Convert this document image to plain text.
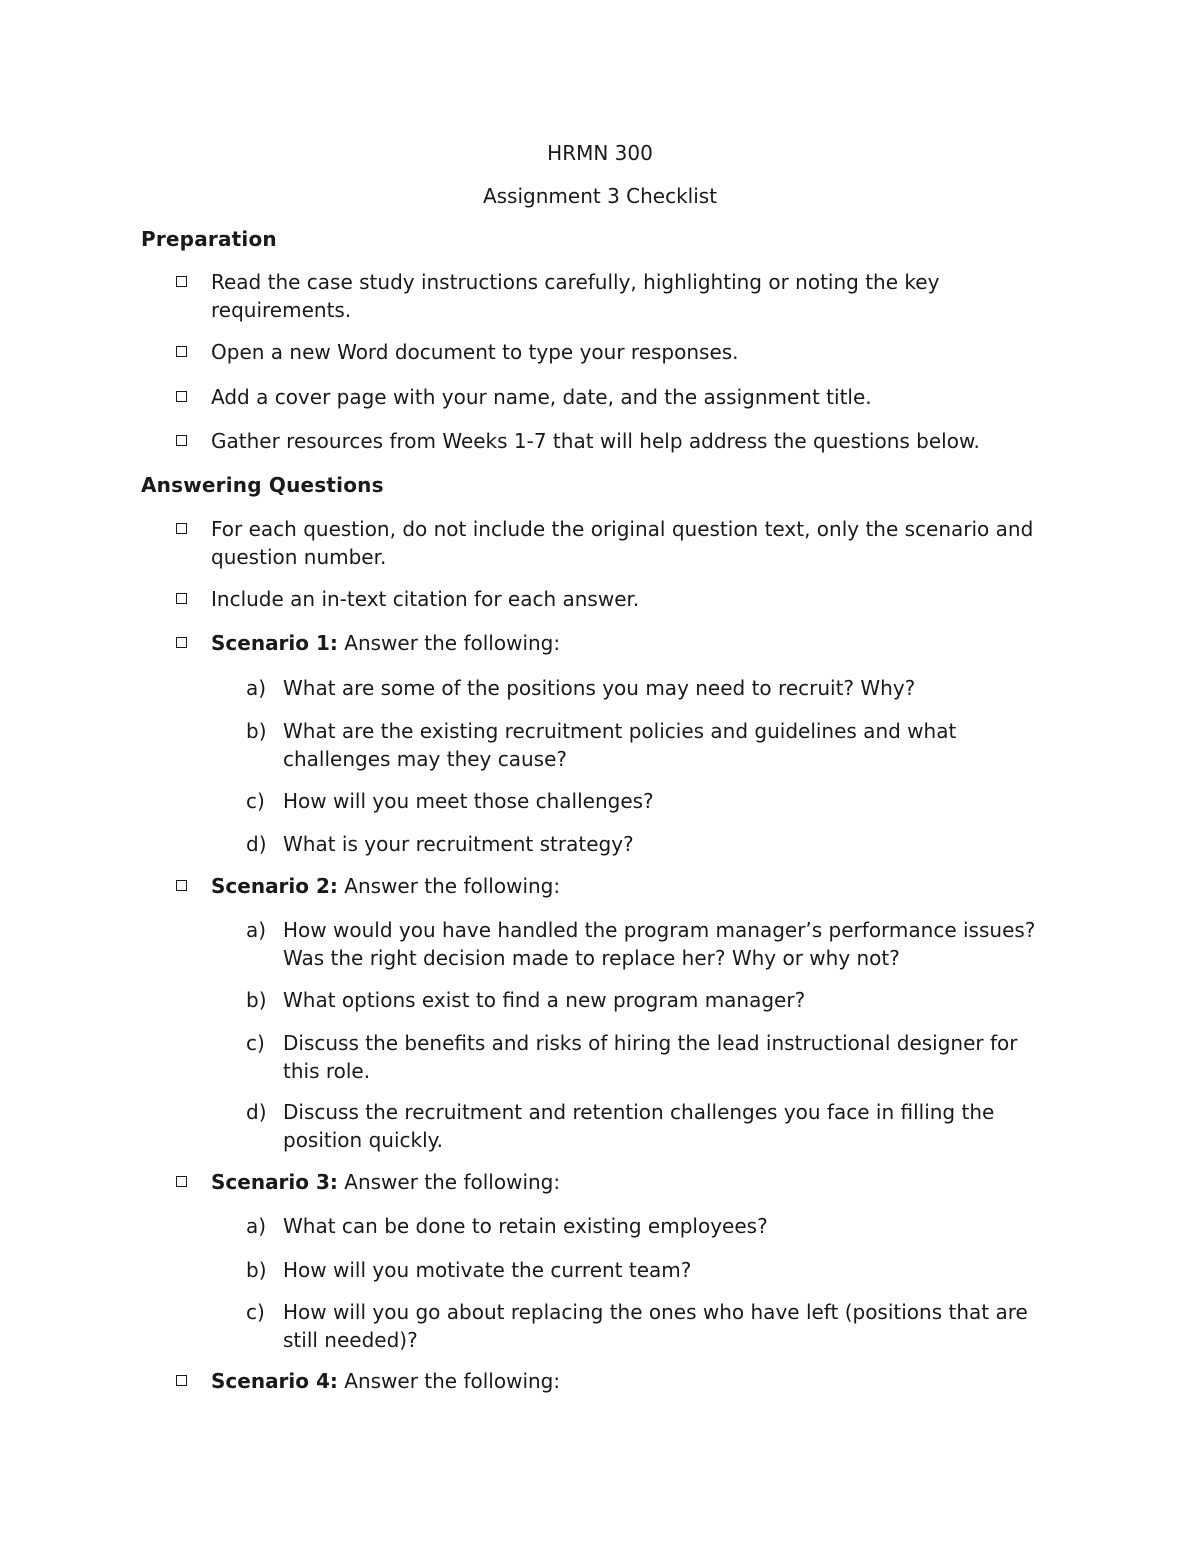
HRMN 300

Assignment 3 Checklist

Preparation
Read the case study instructions carefully, highlighting or noting the key requirements.
Open a new Word document to type your responses.
Add a cover page with your name, date, and the assignment title.
Gather resources from Weeks 1-7 that will help address the questions below.
Answering Questions
For each question, do not include the original question text, only the scenario and question number.
Include an in-text citation for each answer.
Scenario 1: Answer the following:
a) What are some of the positions you may need to recruit? Why?
b) What are the existing recruitment policies and guidelines and what challenges may they cause?
c) How will you meet those challenges?
d) What is your recruitment strategy?
Scenario 2: Answer the following:
a) How would you have handled the program manager’s performance issues? Was the right decision made to replace her? Why or why not?
b) What options exist to find a new program manager?
c) Discuss the benefits and risks of hiring the lead instructional designer for this role.
d) Discuss the recruitment and retention challenges you face in filling the position quickly.
Scenario 3: Answer the following:
a) What can be done to retain existing employees?
b) How will you motivate the current team?
c) How will you go about replacing the ones who have left (positions that are still needed)?
Scenario 4: Answer the following:
